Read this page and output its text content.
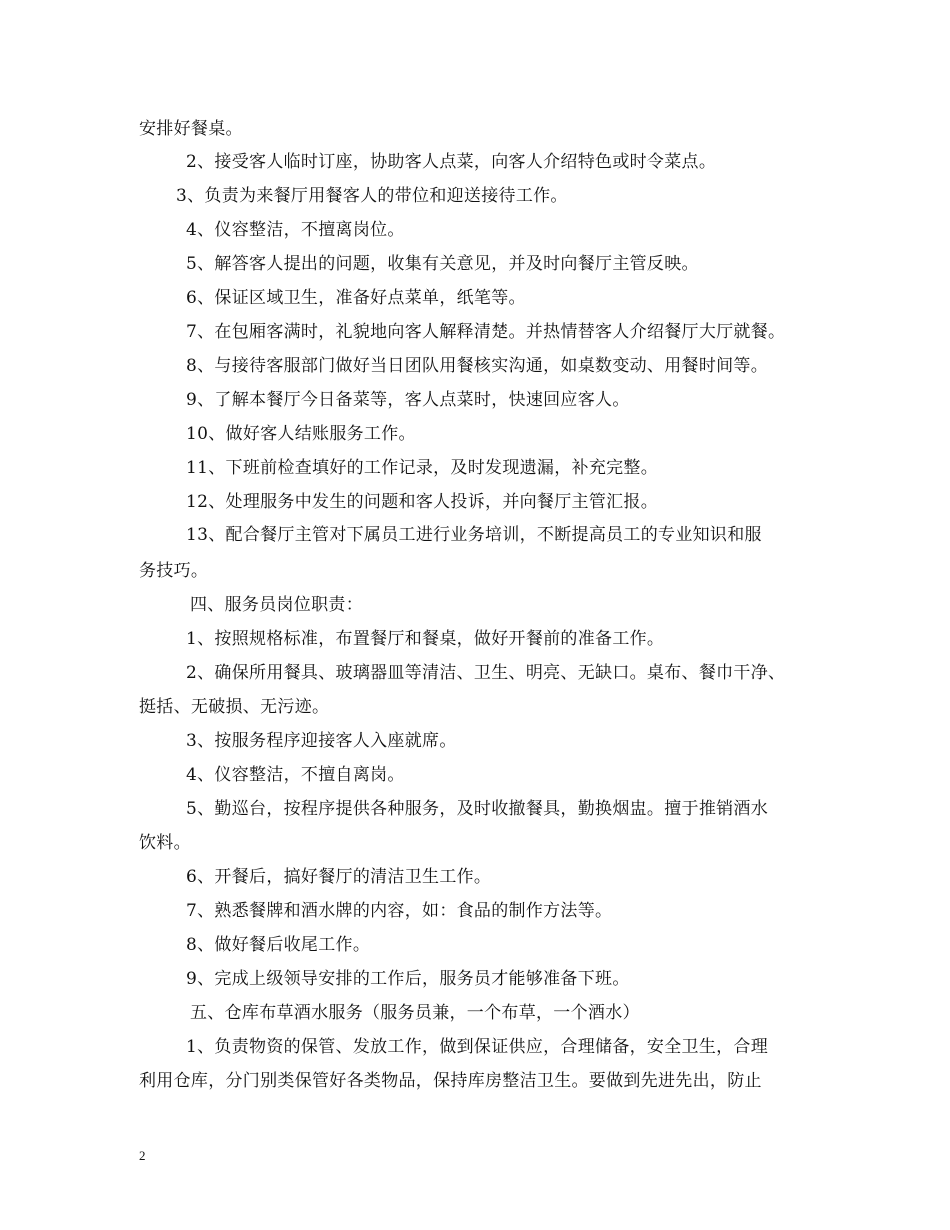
安排好餐桌。
2、接受客人临时订座，协助客人点菜，向客人介绍特色或时令菜点。
3、负责为来餐厅用餐客人的带位和迎送接待工作。
4、仪容整洁，不擅离岗位。
5、解答客人提出的问题，收集有关意见，并及时向餐厅主管反映。
6、保证区域卫生，准备好点菜单，纸笔等。
7、在包厢客满时，礼貌地向客人解释清楚。并热情替客人介绍餐厅大厅就餐。
8、与接待客服部门做好当日团队用餐核实沟通，如桌数变动、用餐时间等。
9、了解本餐厅今日备菜等，客人点菜时，快速回应客人。
10、做好客人结账服务工作。
11、下班前检查填好的工作记录，及时发现遗漏，补充完整。
12、处理服务中发生的问题和客人投诉，并向餐厅主管汇报。
13、配合餐厅主管对下属员工进行业务培训，不断提高员工的专业知识和服
务技巧。
四、服务员岗位职责：
1、按照规格标准，布置餐厅和餐桌，做好开餐前的准备工作。
2、确保所用餐具、玻璃器皿等清洁、卫生、明亮、无缺口。桌布、餐巾干净、
挺括、无破损、无污迹。
3、按服务程序迎接客人入座就席。
4、仪容整洁，不擅自离岗。
5、勤巡台，按程序提供各种服务，及时收撤餐具，勤换烟盅。擅于推销酒水
饮料。
6、开餐后，搞好餐厅的清洁卫生工作。
7、熟悉餐牌和酒水牌的内容，如：食品的制作方法等。
8、做好餐后收尾工作。
9、完成上级领导安排的工作后，服务员才能够准备下班。
五、仓库布草酒水服务（服务员兼，一个布草，一个酒水）
1、负责物资的保管、发放工作，做到保证供应，合理储备，安全卫生，合理
利用仓库，分门别类保管好各类物品，保持库房整洁卫生。要做到先进先出，防止
2
